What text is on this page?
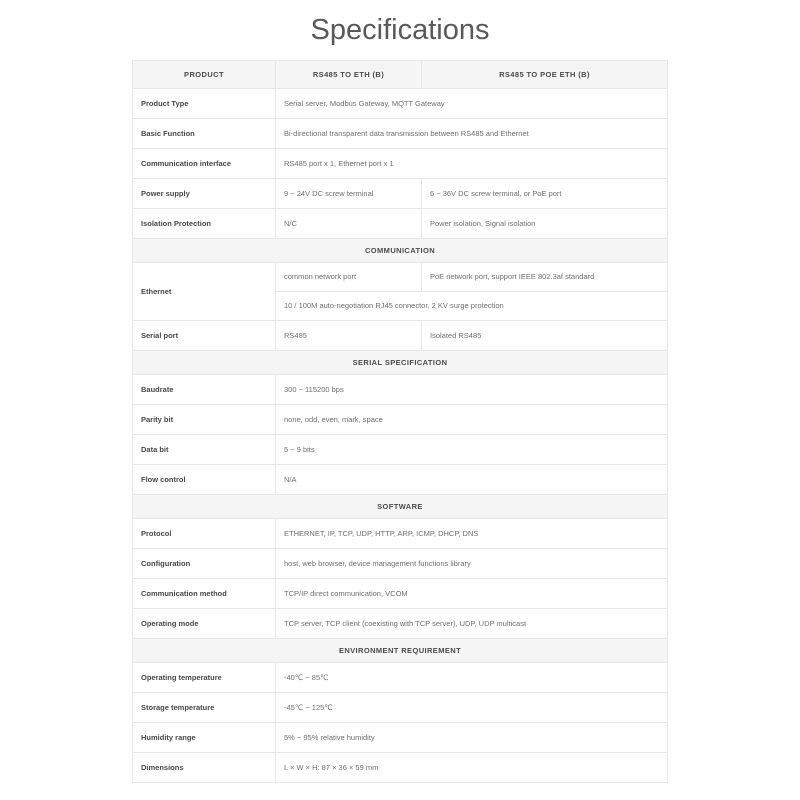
Specifications
PRODUCT	RS485 TO ETH (B)	RS485 TO POE ETH (B)
Product Type	Serial server, Modbus Gateway, MQTT Gateway	
Basic Function	Bi-directional transparent data transmission between RS485 and Ethernet	
Communication interface	RS485 port x 1, Ethernet port x 1	
Power supply	9 ~ 24V DC screw terminal	6 ~ 36V DC screw terminal, or PoE port
Isolation Protection	N/C	Power isolation, Signal isolation
COMMUNICATION		
Ethernet	common network port	PoE network port, support IEEE 802.3af standard
	10 / 100M auto-negotiation RJ45 connector, 2 KV surge protection	
Serial port	RS485	Isolated RS485
SERIAL SPECIFICATION		
Baudrate	300 ~ 115200 bps	
Parity bit	none, odd, even, mark, space	
Data bit	5 ~ 9 bits	
Flow control	N/A	
SOFTWARE		
Protocol	ETHERNET, IP, TCP, UDP, HTTP, ARP, ICMP, DHCP, DNS	
Configuration	host, web browser, device management functions library	
Communication method	TCP/IP direct communication, VCOM	
Operating mode	TCP server, TCP client (coexisting with TCP server), UDP, UDP multicast	
ENVIRONMENT REQUIREMENT		
Operating temperature	-40℃ ~ 85℃	
Storage temperature	-45℃ ~ 125℃	
Humidity range	5% ~ 95% relative humidity	
Dimensions	L × W × H: 87 × 36 × 59 mm	
